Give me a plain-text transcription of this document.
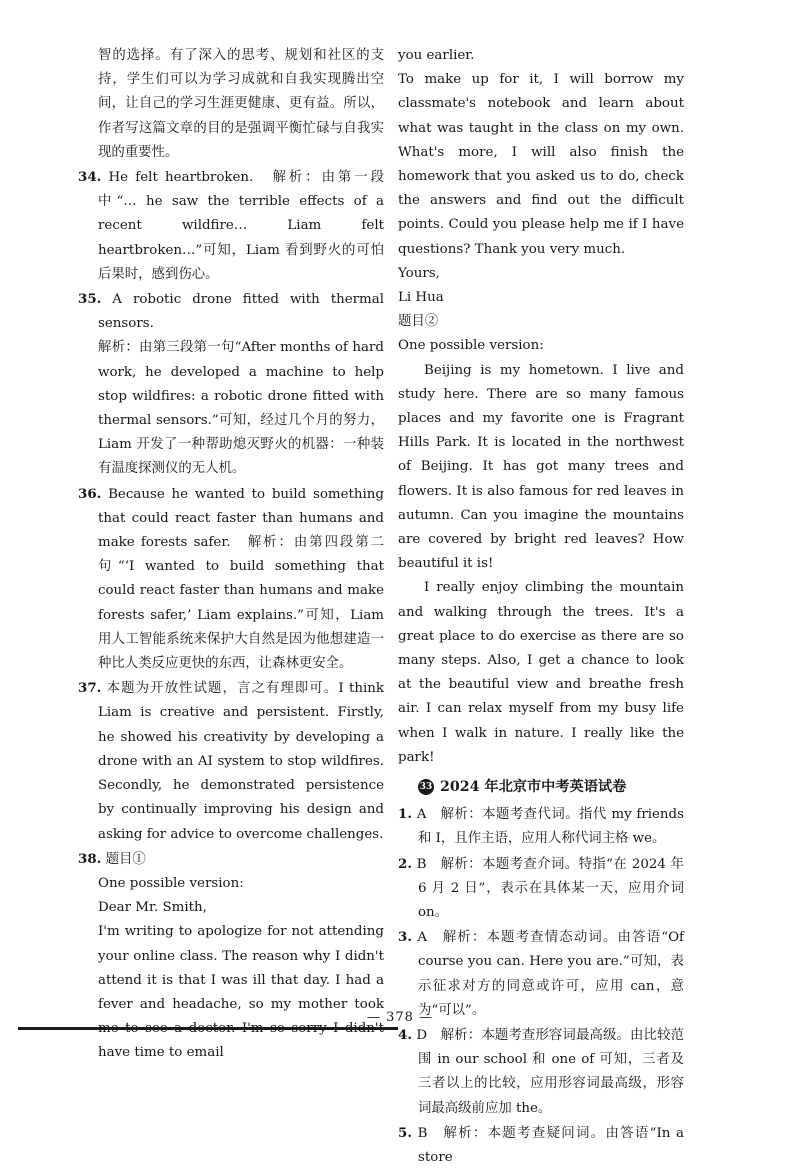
智的选择。有了深入的思考、规划和社区的支持，学生们可以为学习成就和自我实现腾出空间，让自己的学习生涯更健康、更有益。所以，作者写这篇文章的目的是强调平衡忙碌与自我实现的重要性。
34. He felt heartbroken.　解析：由第一段中“… he saw the terrible effects of a recent wildfire… Liam felt heartbroken…”可知，Liam 看到野火的可怕后果时，感到伤心。
35. A robotic drone fitted with thermal sensors.
解析：由第三段第一句“After months of hard work, he developed a machine to help stop wildfires: a robotic drone fitted with thermal sensors.”可知，经过几个月的努力，Liam 开发了一种帮助熄灭野火的机器：一种装有温度探测仪的无人机。
36. Because he wanted to build something that could react faster than humans and make forests safer.　解析：由第四段第二句“‘I wanted to build something that could react faster than humans and make forests safer,’ Liam explains.”可知，Liam 用人工智能系统来保护大自然是因为他想建造一种比人类反应更快的东西，让森林更安全。
37. 本题为开放性试题，言之有理即可。I think Liam is creative and persistent. Firstly, he showed his creativity by developing a drone with an AI system to stop wildfires. Secondly, he demonstrated persistence by continually improving his design and asking for advice to overcome challenges.
38. 题目①
One possible version:
Dear Mr. Smith,
I'm writing to apologize for not attending your online class. The reason why I didn't attend it is that I was ill that day. I had a fever and headache, so my mother took have time to email
you earlier.
To make up for it, I will borrow my classmate's notebook and learn about what was taught in the class on my own. What's more, I will also finish the homework that you asked us to do, check the answers and find out the difficult points. Could you please help me if I have questions? Thank you very much.
Yours,
Li Hua
题目②
One possible version:
Beijing is my hometown. I live and study here. There are so many famous places and my favorite one is Fragrant Hills Park. It is located in the northwest of Beijing. It has got many trees and flowers. It is also famous for red leaves in autumn. Can you imagine the mountains are covered by bright red leaves? How beautiful it is!
I really enjoy climbing the mountain and walking through the trees. It's a great place to do exercise as there are so many steps. Also, I get a chance to look at the beautiful view and breathe fresh air. I can relax myself from my busy life when I walk in nature. I really like the park!
33 2024 年北京市中考英语试卷
1. A　解析：本题考查代词。指代 my friends 和 I，且作主语，应用人称代词主格 we。
2. B　解析：本题考查介词。特指“在 2024 年 6 月 2 日”，表示在具体某一天，应用介词 on。
3. A　解析：本题考查情态动词。由答语“Of course you can. Here you are.”可知，表示征求对方的同意或许可，应用 can，意为“可以”。
4. D　解析：本题考查形容词最高级。由比较范围 in our school 和 one of 可知，三者及三者以上的比较，应用形容词最高级，形容词最高级前应加 the。
5. B　解析：本题考查疑问词。由答语“In a store
— 378 —
